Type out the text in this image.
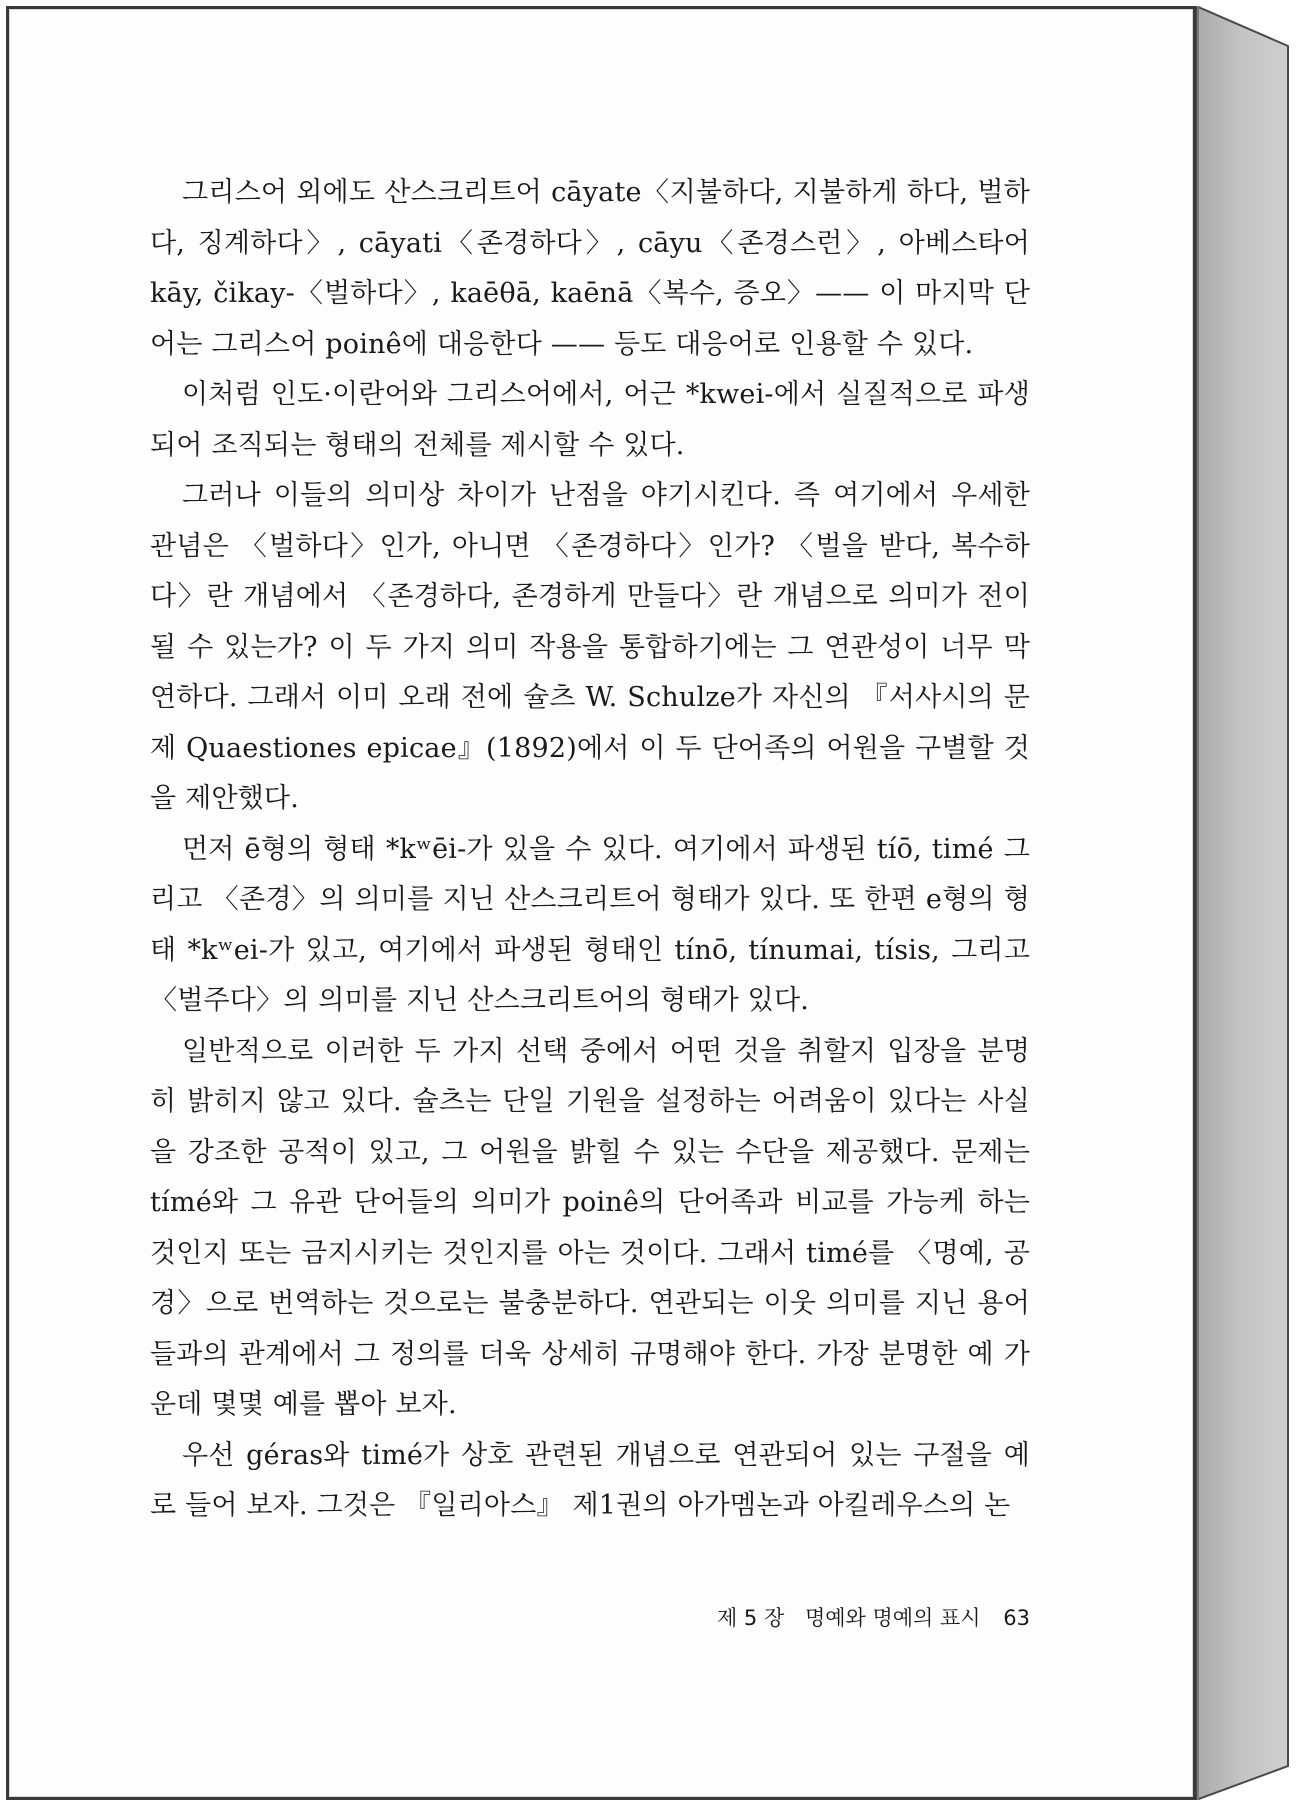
그리스어 외에도 산스크리트어 cāyate〈지불하다, 지불하게 하다, 벌하다, 징계하다〉, cāyati〈존경하다〉, cāyu〈존경스런〉, 아베스타어 kāy, čikay-〈벌하다〉, kaēθā, kaēnā〈복수, 증오〉—— 이 마지막 단어는 그리스어 poinê에 대응한다 —— 등도 대응어로 인용할 수 있다.

이처럼 인도·이란어와 그리스어에서, 어근 *kwei-에서 실질적으로 파생되어 조직되는 형태의 전체를 제시할 수 있다.

그러나 이들의 의미상 차이가 난점을 야기시킨다. 즉 여기에서 우세한 관념은 〈벌하다〉인가, 아니면 〈존경하다〉인가? 〈벌을 받다, 복수하다〉란 개념에서 〈존경하다, 존경하게 만들다〉란 개념으로 의미가 전이될 수 있는가? 이 두 가지 의미 작용을 통합하기에는 그 연관성이 너무 막연하다. 그래서 이미 오래 전에 슐츠 W. Schulze가 자신의 『서사시의 문제 Quaestiones epicae』(1892)에서 이 두 단어족의 어원을 구별할 것을 제안했다.

먼저 ē형의 형태 *kʷēi-가 있을 수 있다. 여기에서 파생된 tíō, timé 그리고 〈존경〉의 의미를 지닌 산스크리트어 형태가 있다. 또 한편 e형의 형태 *kʷei-가 있고, 여기에서 파생된 형태인 tínō, tínumai, tísis, 그리고 〈벌주다〉의 의미를 지닌 산스크리트어의 형태가 있다.

일반적으로 이러한 두 가지 선택 중에서 어떤 것을 취할지 입장을 분명히 밝히지 않고 있다. 슐츠는 단일 기원을 설정하는 어려움이 있다는 사실을 강조한 공적이 있고, 그 어원을 밝힐 수 있는 수단을 제공했다. 문제는 tímé와 그 유관 단어들의 의미가 poinê의 단어족과 비교를 가능케 하는 것인지 또는 금지시키는 것인지를 아는 것이다. 그래서 timé를 〈명예, 공경〉으로 번역하는 것으로는 불충분하다. 연관되는 이웃 의미를 지닌 용어들과의 관계에서 그 정의를 더욱 상세히 규명해야 한다. 가장 분명한 예 가운데 몇몇 예를 뽑아 보자.

우선 géras와 timé가 상호 관련된 개념으로 연관되어 있는 구절을 예로 들어 보자. 그것은 『일리아스』 제1권의 아가멤논과 아킬레우스의 논

제 5 장 명예와 명예의 표시 63
